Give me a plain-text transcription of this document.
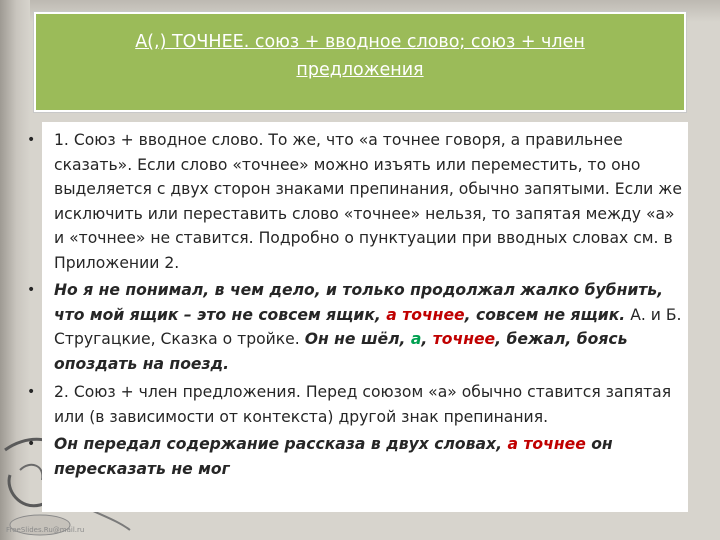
А(,) ТОЧНЕЕ. союз + вводное слово; союз + член
предложения
• 1. Союз + вводное слово. То же, что «а точнее говоря, а правильнее сказать». Если слово «точнее» можно изъять или переместить, то оно выделяется с двух сторон знаками препинания, обычно запятыми. Если же исключить или переставить слово «точнее» нельзя, то запятая между «а» и «точнее» не ставится. Подробно о пунктуации при вводных словах см. в Приложении 2.
• Но я не понимал, в чем дело, и только продолжал жалко бубнить, что мой ящик – это не совсем ящик, а точнее, совсем не ящик. А. и Б. Стругацкие, Сказка о тройке. Он не шёл, а, точнее, бежал, боясь опоздать на поезд.
• 2. Союз + член предложения. Перед союзом «а» обычно ставится запятая или (в зависимости от контекста) другой знак препинания.
• Он передал содержание рассказа в двух словах, а точнее он пересказать не мог
FreeSlides.Ru@mail.ru
